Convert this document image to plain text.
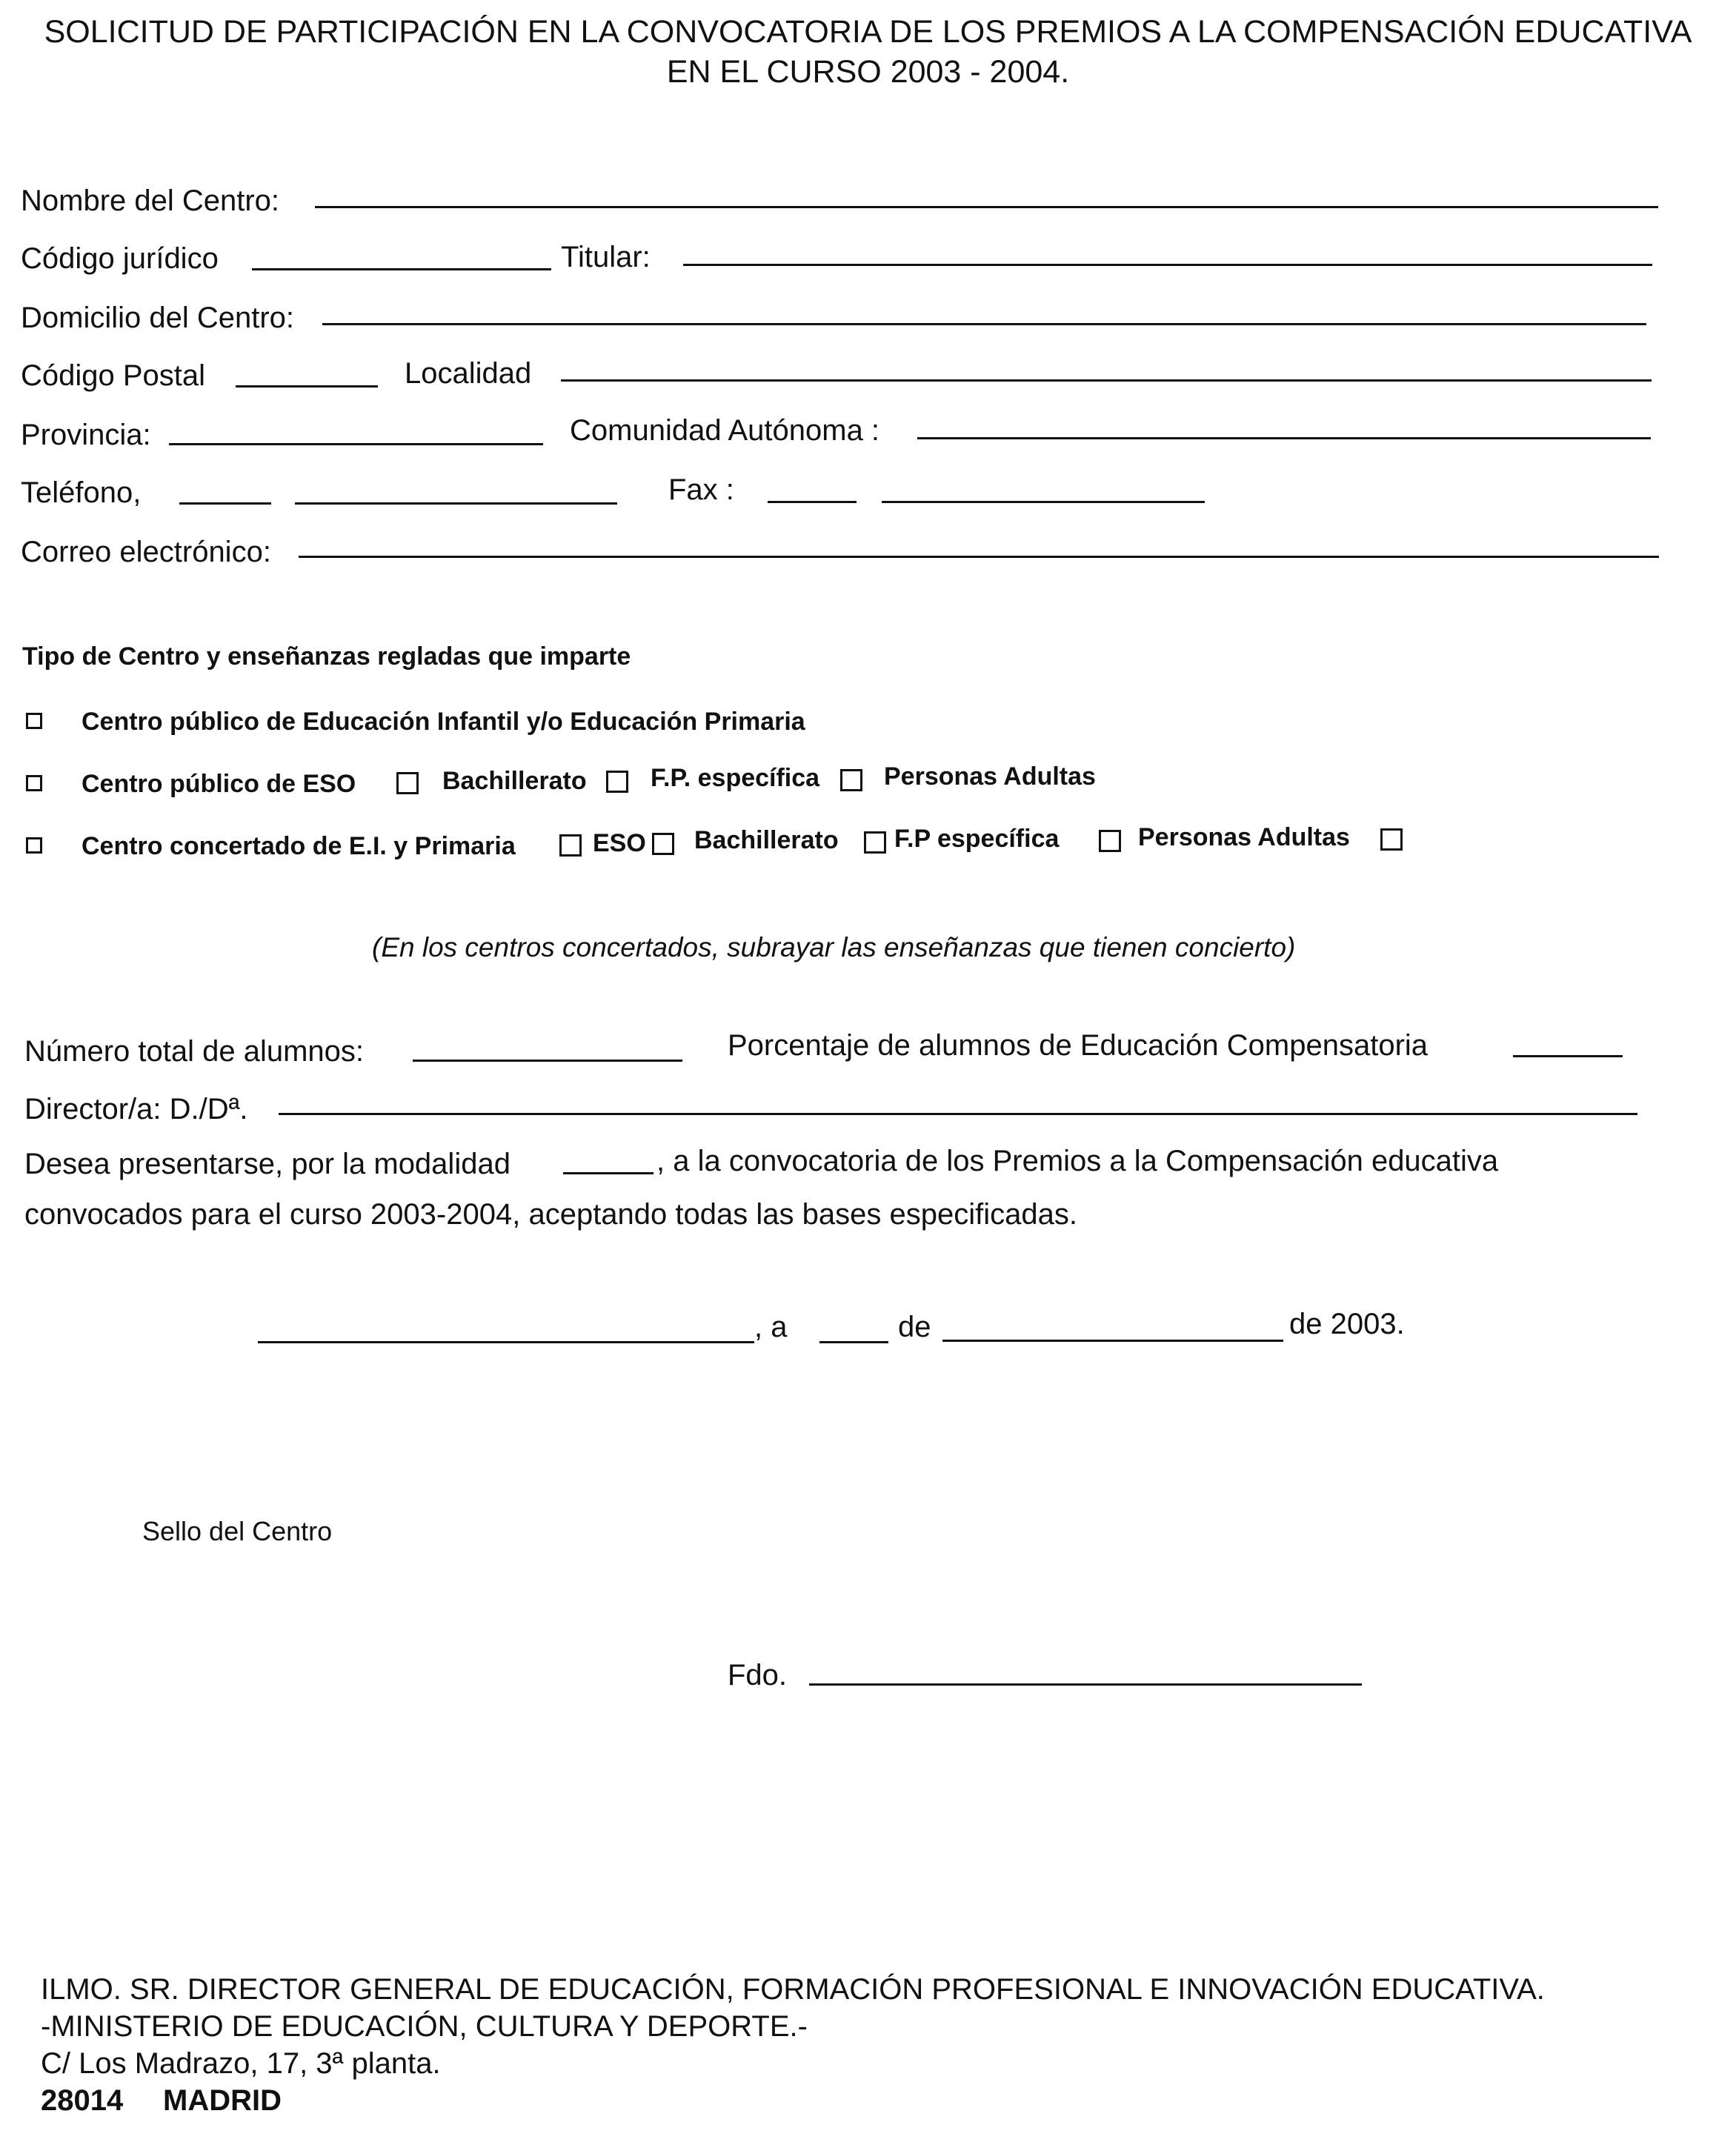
SOLICITUD DE PARTICIPACIÓN EN LA CONVOCATORIA DE LOS PREMIOS A LA COMPENSACIÓN EDUCATIVA
EN EL CURSO 2003 - 2004.
Nombre del Centro:
Código jurídico	Titular:
Domicilio del Centro:
Código Postal	Localidad
Provincia:	Comunidad Autónoma :
Teléfono,	Fax :
Correo electrónico:
Tipo de Centro y enseñanzas regladas que imparte
Centro público de Educación Infantil y/o Educación Primaria
Centro público de ESO	Bachillerato	F.P. específica	Personas Adultas
Centro concertado de E.I. y Primaria	ESO Bachillerato F.P específica	Personas Adultas
(En los centros concertados, subrayar las enseñanzas que tienen concierto)
Número total de alumnos:	Porcentaje de alumnos de Educación Compensatoria
Director/a: D./Dª.
Desea presentarse, por la modalidad	, a la convocatoria de los Premios a la Compensación educativa
convocados para el curso 2003-2004, aceptando todas las bases especificadas.
, a	de	de 2003.
Sello del Centro
Fdo.
ILMO. SR. DIRECTOR GENERAL DE EDUCACIÓN, FORMACIÓN PROFESIONAL E INNOVACIÓN EDUCATIVA.
-MINISTERIO DE EDUCACIÓN, CULTURA Y DEPORTE.-
C/ Los Madrazo, 17, 3ª planta.
28014 MADRID
